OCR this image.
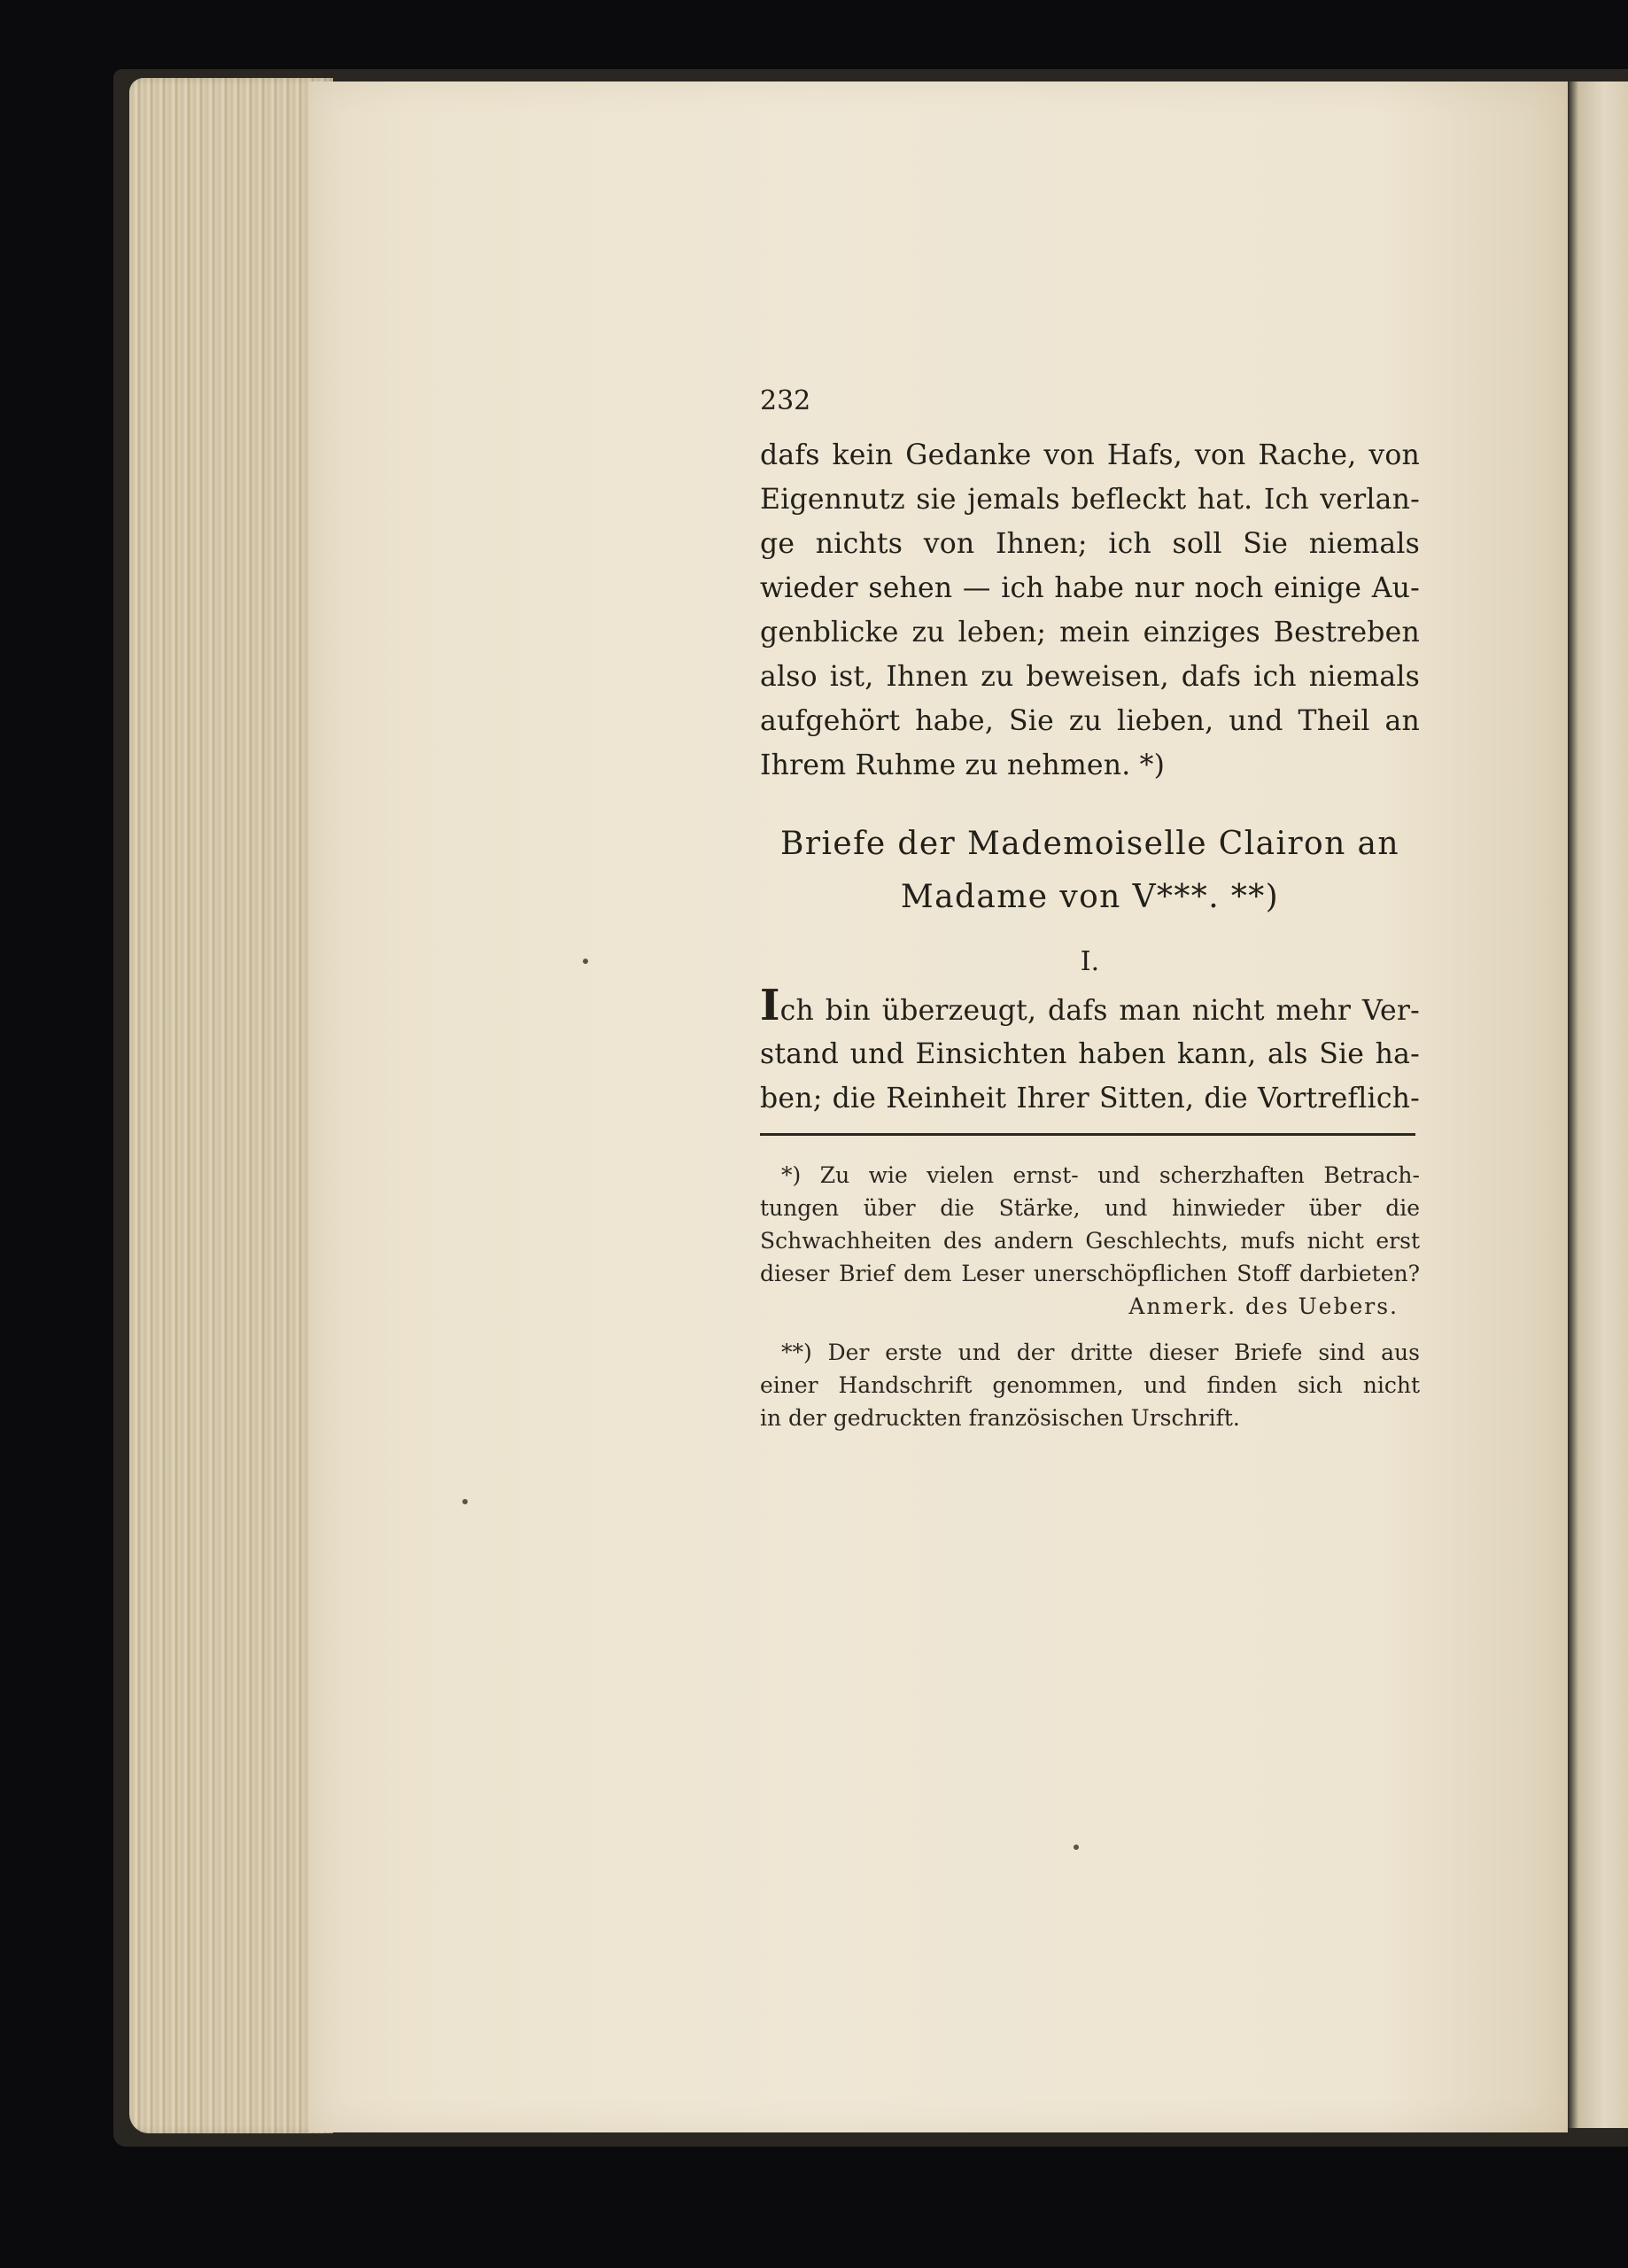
232
dafs kein Gedanke von Hafs, von Rache, von
Eigennutz sie jemals befleckt hat. Ich verlan-
ge nichts von Ihnen; ich soll Sie niemals
wieder sehen — ich habe nur noch einige Au-
genblicke zu leben; mein einziges Bestreben
also ist, Ihnen zu beweisen, dafs ich niemals
aufgehört habe, Sie zu lieben, und Theil an
Ihrem Ruhme zu nehmen. *)
Briefe der Mademoiselle Clairon an
Madame von V***. **)
I.
Ich bin überzeugt, dafs man nicht mehr Ver-
stand und Einsichten haben kann, als Sie ha-
ben; die Reinheit Ihrer Sitten, die Vortreflich-
*) Zu wie vielen ernst- und scherzhaften Betrach-
tungen über die Stärke, und hinwieder über die
Schwachheiten des andern Geschlechts, mufs nicht erst
dieser Brief dem Leser unerschöpflichen Stoff darbieten?
Anmerk. des Uebers.
**) Der erste und der dritte dieser Briefe sind aus
einer Handschrift genommen, und finden sich nicht
in der gedruckten französischen Urschrift.
